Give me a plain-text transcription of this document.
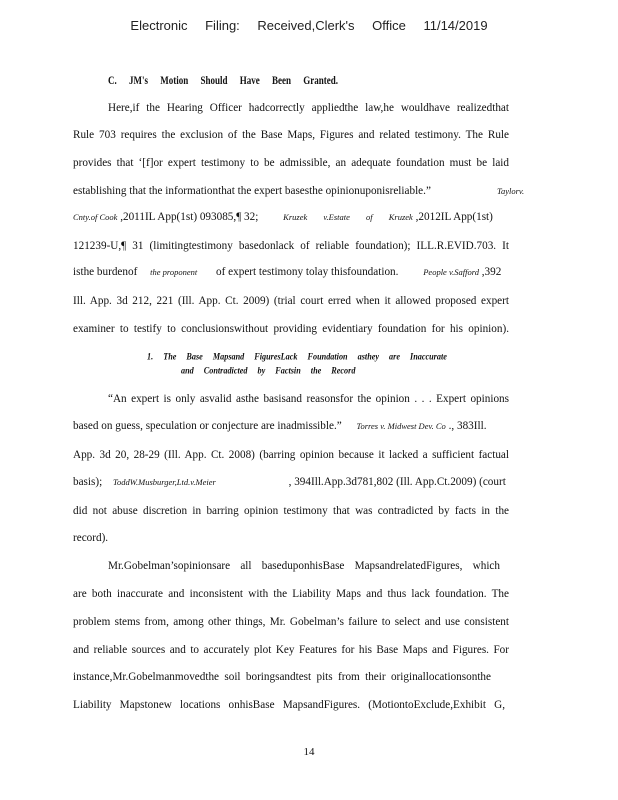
Electronic Filing: Received,Clerk's Office 11/14/2019
C. JM's Motion Should Have Been Granted.
Here,if the Hearing Officer hadcorrectly appliedthe law,he wouldhave realizedthat
Rule 703 requires the exclusion of the Base Maps, Figures and related testimony. The Rule
provides that ‘[f]or expert testimony to be admissible, an adequate foundation must be laid
establishing that the informationthat the expert basesthe opinionuponisreliable.”	Taylorv.
Cnty.of Cook ,2011IL App(1st) 093085,¶ 32;	Kruzek v.Estate of Kruzek ,2012IL App(1st)
121239-U,¶ 31 (limitingtestimony basedonlack of reliable foundation); ILL.R.EVID.703. It
isthe burdenof the proponent of expert testimony tolay thisfoundation.	People v.Safford ,392
Ill. App. 3d 212, 221 (Ill. App. Ct. 2009) (trial court erred when it allowed proposed expert
examiner to testify to conclusionswithout providing evidentiary foundation for his opinion).
1. The Base Mapsand FiguresLack Foundation asthey are Inaccurate
and Contradicted by Factsin the Record
“An expert is only asvalid asthe basisand reasonsfor the opinion . . . Expert opinions
based on guess, speculation or conjecture are inadmissible.” Torres v. Midwest Dev. Co ., 383Ill.
App. 3d 20, 28-29 (Ill. App. Ct. 2008) (barring opinion because it lacked a sufficient factual
basis); ToddW.Musburger,Ltd.v.Meier	, 394Ill.App.3d781,802 (Ill. App.Ct.2009) (court
did not abuse discretion in barring opinion testimony that was contradicted by facts in the
record).
Mr.Gobelman’sopinionsare all baseduponhisBase MapsandrelatedFigures, which
are both inaccurate and inconsistent with the Liability Maps and thus lack foundation. The
problem stems from, among other things, Mr. Gobelman’s failure to select and use consistent
and reliable sources and to accurately plot Key Features for his Base Maps and Figures. For
instance,Mr.Gobelmanmovedthe soil boringsandtest pits from their originallocationsonthe
Liability Mapstonew locations onhisBase MapsandFigures. (MotiontoExclude,Exhibit G,
14
